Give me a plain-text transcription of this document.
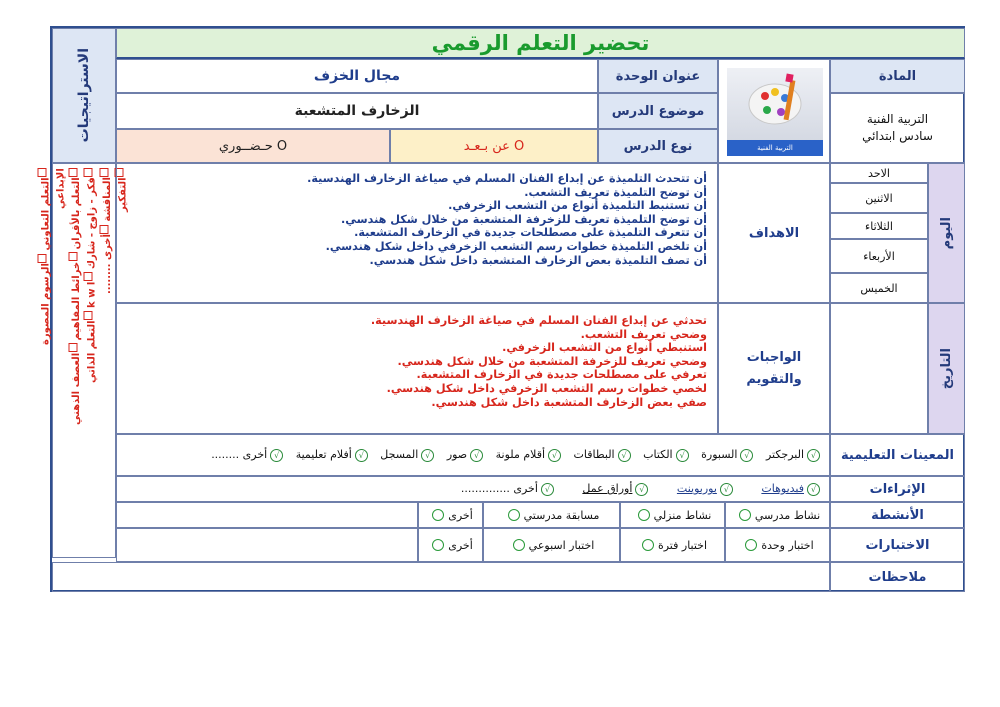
تحضير التعلم الرقمي
الاستراتيجيات
التعلم التعاوني الرسوم المصورة
الإبداعي التعلم بالأقران خرائط المفاهيم العصف الذهني
فكر - زاوج - شارك k w l التعلم الذاتي
المناقشة أخرى ........
التفكير
المادة
التربية الفنية
سادس ابتدائي
التربية الفنية
عنوان الوحدة
مجال الخزف
موضوع الدرس
الزخارف المتشعبة
نوع الدرس
عن بـعـد O
حـضــوري O
اليوم
الاحد
الاثنين
الثلاثاء
الأربعاء
الخميس
التاريخ
الاهداف
أن تتحدث التلميذة عن إبداع الفنان المسلم في صياغة الزخارف الهندسية.
أن توضح التلميذة تعريف التشعب.
أن تستنبط التلميذة أنواع من التشعب الزخرفي.
أن توضح التلميذة تعريف للزخرفة المتشعبة من خلال شكل هندسي.
أن تتعرف التلميذة على مصطلحات جديدة في الزخارف المتشعبة.
أن تلخص التلميذة خطوات رسم التشعب الزخرفي داخل شكل هندسي.
أن تصف التلميذة بعض الزخارف المتشعبة داخل شكل هندسي.
الواجبات
والتقويم
تحدثي عن إبداع الفنان المسلم في صياغة الزخارف الهندسية.
وضحي تعريف التشعب.
استنبطي أنواع من التشعب الزخرفي.
وضحي تعريف للزخرفة المتشعبة من خلال شكل هندسي.
تعرفي على مصطلحات جديدة في الزخارف المتشعبة.
لخصي خطوات رسم التشعب الزخرفي داخل شكل هندسي.
صفي بعض الزخارف المتشعبة داخل شكل هندسي.
المعينات التعليمية
√البرجكتر √السبورة √الكتاب √البطاقات √أقلام ملونة √صور √المسجل √أفلام تعليمية √أخرى ........
الإثراءات
√فيديوهات √بوربوينت √أوراق عمل √أخرى ..............
الأنشطة
نشاط مدرسي
نشاط منزلي
مسابقة مدرستي
أخرى
الاختبارات
اختبار وحدة
اختبار فترة
اختبار اسبوعي
أخرى
ملاحظات
